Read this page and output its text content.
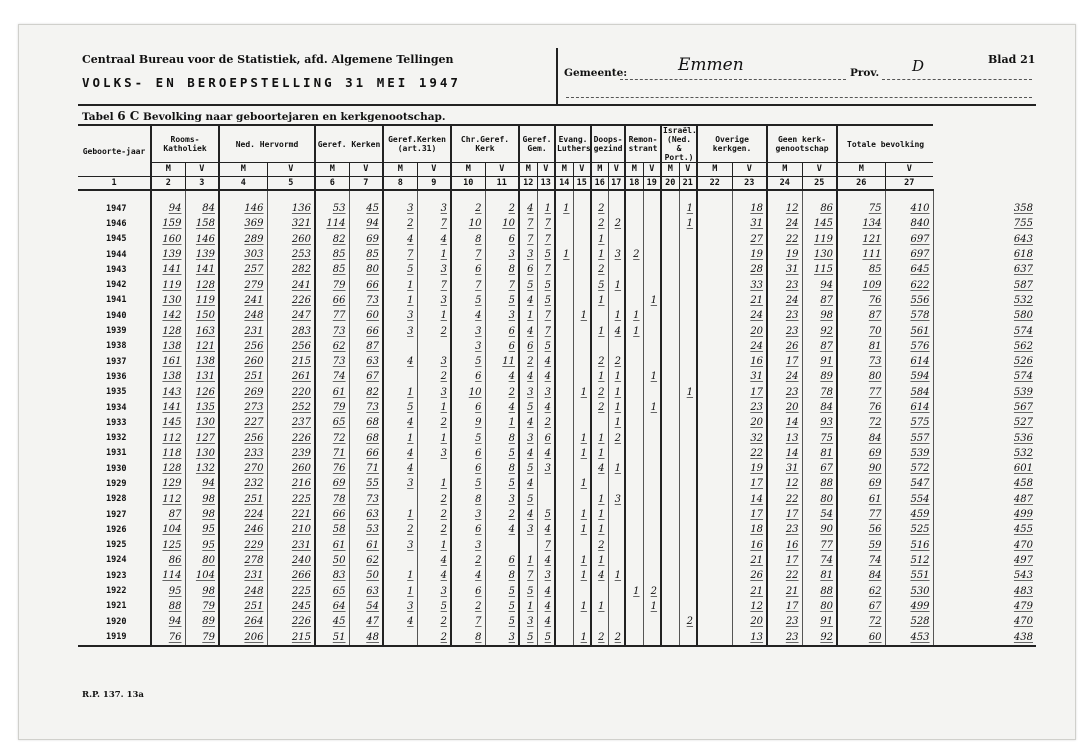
Centraal Bureau voor de Statistiek, afd. Algemene Tellingen
VOLKS- EN BEROEPSTELLING 31 MEI 1947
Gemeente:	Emmen	Prov. D	Blad 21
Tabel 6 C Bevolking naar geboortejaren en kerkgenootschap.
Geboorte-jaar	Rooms-Katholiek		Ned. Hervormd		Geref. Kerken		Geref.Kerken (art.31)		Chr.Geref. Kerk		Geref. Gem.		Evang. Luthers		Doops-gezind		Remon-strant		Israël. (Ned. & Port.)		Overige kerkgen.		Geen kerk-genootschap		Totale bevolking		
	M	V	M	V	M	V	M	V	M	V	M	V	M	V	M	V	M	V	M	V	M	V	M	V	M	V	
1	2	3	4	5	6	7	8	9	10	11	12	13	14	15	16	17	18	19	20	21	22	23	24	25	26	27	
1947	94	84	146	136	53	45	3	3	2	2	4	1	1		2					1		18	12	86	75	410	358
1946	159	158	369	321	114	94	2	7	10	10	7	7			2	2				1		31	24	145	134	840	755
1945	160	146	289	260	82	69	4	4	8	6	7	7			1							27	22	119	121	697	643
1944	139	139	303	253	85	85	7	1	7	3	3	5	1		1	3	2					19	19	130	111	697	618
1943	141	141	257	282	85	80	5	3	6	8	6	7			2							28	31	115	85	645	637
1942	119	128	279	241	79	66	1	7	7	7	5	5			5	1						33	23	94	109	622	587
1941	130	119	241	226	66	73	1	3	5	5	4	5			1			1				21	24	87	76	556	532
1940	142	150	248	247	77	60	3	1	4	3	1	7		1		1	1					24	23	98	87	578	580
1939	128	163	231	283	73	66	3	2	3	6	4	7			1	4	1					20	23	92	70	561	574
1938	138	121	256	256	62	87			3	6	6	5										24	26	87	81	576	562
1937	161	138	260	215	73	63	4	3	5	11	2	4			2	2						16	17	91	73	614	526
1936	138	131	251	261	74	67		2	6	4	4	4			1	1		1				31	24	89	80	594	574
1935	143	126	269	220	61	82	1	3	10	2	3	3		1	2	1				1		17	23	78	77	584	539
1934	141	135	273	252	79	73	5	1	6	4	5	4			2	1		1				23	20	84	76	614	567
1933	145	130	227	237	65	68	4	2	9	1	4	2				1						20	14	93	72	575	527
1932	112	127	256	226	72	68	1	1	5	8	3	6		1	1	2						32	13	75	84	557	536
1931	118	130	233	239	71	66	4	3	6	5	4	4		1	1							22	14	81	69	539	532
1930	128	132	270	260	76	71	4		6	8	5	3			4	1						19	31	67	90	572	601
1929	129	94	232	216	69	55	3	1	5	5	4			1								17	12	88	69	547	458
1928	112	98	251	225	78	73		2	8	3	5				1	3						14	22	80	61	554	487
1927	87	98	224	221	66	63	1	2	3	2	4	5		1	1							17	17	54	77	459	499
1926	104	95	246	210	58	53	2	2	6	4	3	4		1	1							18	23	90	56	525	455
1925	125	95	229	231	61	61	3	1	3			7			2							16	16	77	59	516	470
1924	86	80	278	240	50	62		4	2	6	1	4		1	1							21	17	74	74	512	497
1923	114	104	231	266	83	50	1	4	4	8	7	3		1	4	1						26	22	81	84	551	543
1922	95	98	248	225	65	63	1	3	6	5	5	4					1	2				21	21	88	62	530	483
1921	88	79	251	245	64	54	3	5	2	5	1	4		1	1			1				12	17	80	67	499	479
1920	94	89	264	226	45	47	4	2	7	5	3	4								2		20	23	91	72	528	470
1919	76	79	206	215	51	48		2	8	3	5	5		1	2	2						13	23	92	60	453	438
R.P. 137. 13a
